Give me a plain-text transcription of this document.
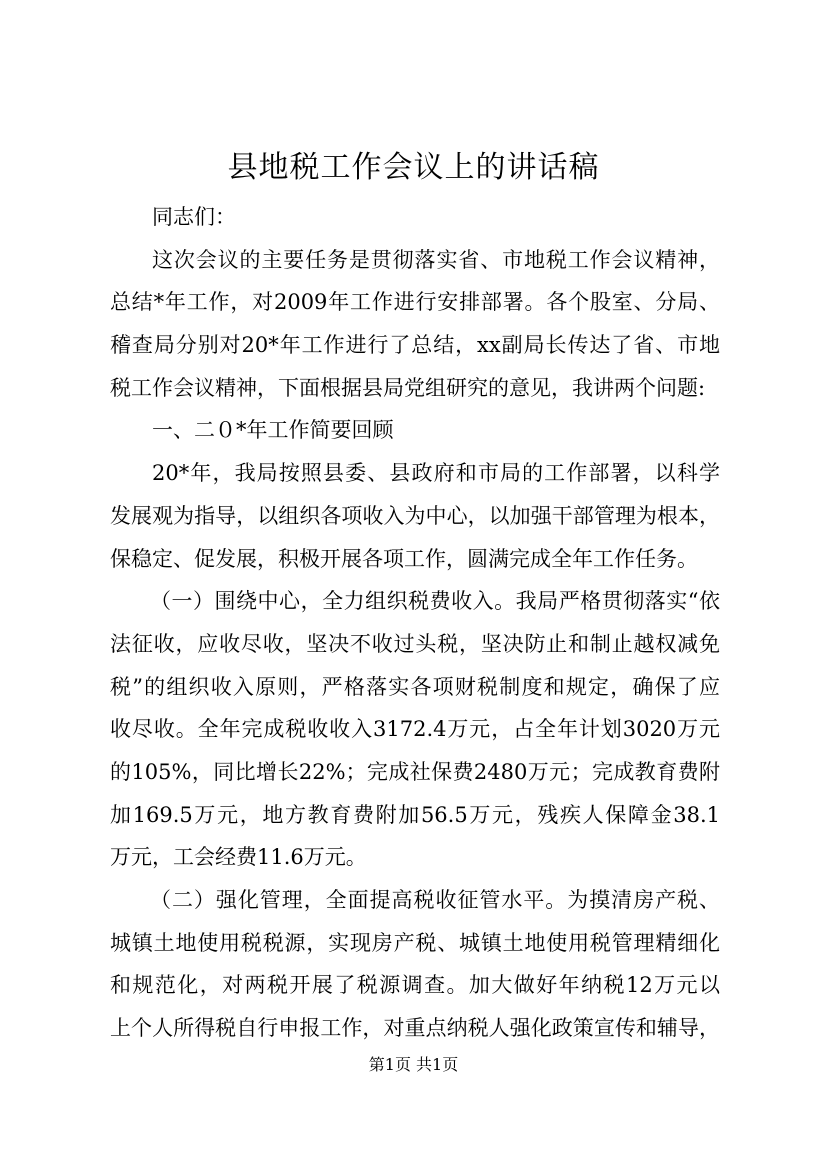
县地税工作会议上的讲话稿
同志们：
这次会议的主要任务是贯彻落实省、市地税工作会议精神，
总结*年工作，对2009年工作进行安排部署。各个股室、分局、
稽查局分别对20*年工作进行了总结，xx副局长传达了省、市地
税工作会议精神，下面根据县局党组研究的意见，我讲两个问题:
一、二０*年工作简要回顾
20*年，我局按照县委、县政府和市局的工作部署，以科学
发展观为指导，以组织各项收入为中心，以加强干部管理为根本，
保稳定、促发展，积极开展各项工作，圆满完成全年工作任务。
（一）围绕中心，全力组织税费收入。我局严格贯彻落实“依
法征收，应收尽收，坚决不收过头税，坚决防止和制止越权减免
税”的组织收入原则，严格落实各项财税制度和规定，确保了应
收尽收。全年完成税收收入3172.4万元，占全年计划3020万元
的105%，同比增长22%；完成社保费2480万元；完成教育费附
加169.5万元，地方教育费附加56.5万元，残疾人保障金38.1
万元，工会经费11.6万元。
（二）强化管理，全面提高税收征管水平。为摸清房产税、
城镇土地使用税税源，实现房产税、城镇土地使用税管理精细化
和规范化，对两税开展了税源调查。加大做好年纳税12万元以
上个人所得税自行申报工作，对重点纳税人强化政策宣传和辅导，
第1页 共1页
